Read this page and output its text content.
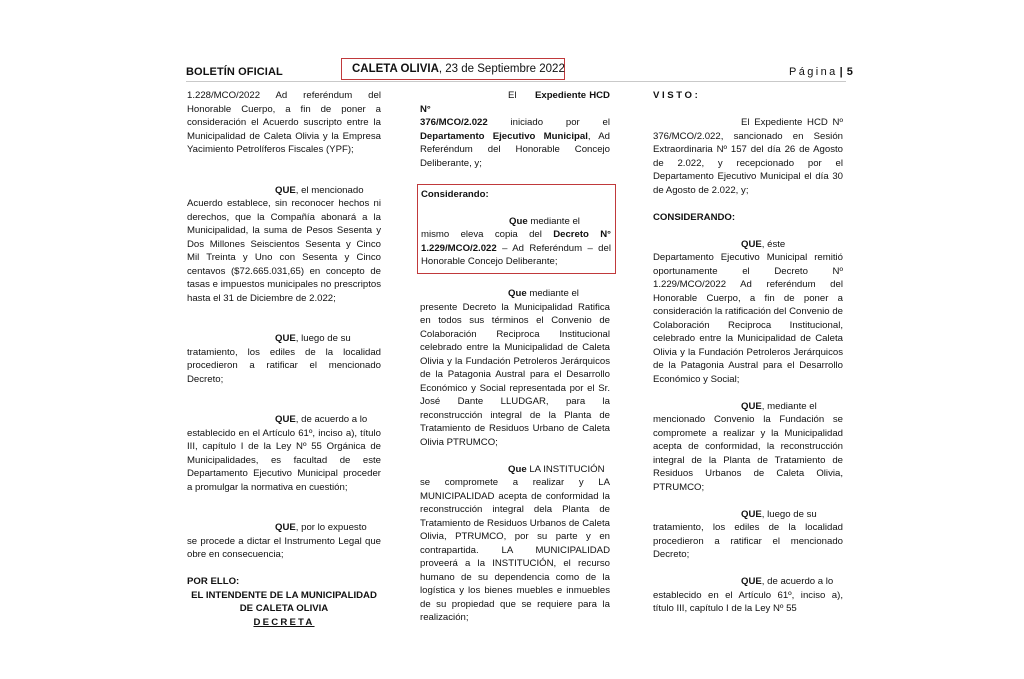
BOLETÍN OFICIAL	CALETA OLIVIA, 23 de Septiembre 2022	Página | 5

1.228/MCO/2022 Ad referéndum del Honorable Cuerpo, a fin de poner a consideración el Acuerdo suscripto entre la Municipalidad de Caleta Olivia y la Empresa Yacimiento Petrolíferos Fiscales (YPF);

QUE, el mencionado
Acuerdo establece, sin reconocer hechos ni derechos, que la Compañía abonará a la Municipalidad, la suma de Pesos Sesenta y Dos Millones Seiscientos Sesenta y Cinco Mil Treinta y Uno con Sesenta y Cinco centavos ($72.665.031,65) en concepto de tasas e impuestos municipales no prescriptos hasta el 31 de Diciembre de 2.022;

QUE, luego de su
tratamiento, los ediles de la localidad procedieron a ratificar el mencionado Decreto;

QUE, de acuerdo a lo
establecido en el Artículo 61º, inciso a), título III, capítulo I de la Ley Nº 55 Orgánica de Municipalidades, es facultad de este Departamento Ejecutivo Municipal proceder a promulgar la normativa en cuestión;

QUE, por lo expuesto
se procede a dictar el Instrumento Legal que obre en consecuencia;

POR ELLO:

EL INTENDENTE DE LA MUNICIPALIDAD DE CALETA OLIVIA

DECRETA

El Expediente HCD N°
376/MCO/2.022 iniciado por el Departamento Ejecutivo Municipal, Ad Referéndum del Honorable Concejo Deliberante, y;

Considerando:

Que mediante el
mismo eleva copia del Decreto N° 1.229/MCO/2.022 – Ad Referéndum – del Honorable Concejo Deliberante;

Que mediante el
presente Decreto la Municipalidad Ratifica en todos sus términos el Convenio de Colaboración Reciproca Institucional celebrado entre la Municipalidad de Caleta Olivia y la Fundación Petroleros Jerárquicos de la Patagonia Austral para el Desarrollo Económico y Social representada por el Sr. José Dante LLUDGAR, para la reconstrucción integral de la Planta de Tratamiento de Residuos Urbano de Caleta Olivia PTRUMCO;

Que LA INSTITUCIÓN
se compromete a realizar y LA MUNICIPALIDAD acepta de conformidad la reconstrucción integral dela Planta de Tratamiento de Residuos Urbanos de Caleta Olivia, PTRUMCO, por su parte y en contrapartida. LA MUNICIPALIDAD proveerá a la INSTITUCIÓN, el recurso humano de su dependencia como de la logística y los bienes muebles e inmuebles de su propiedad que se requiere para la realización;

VISTO:

El Expediente HCD Nº 376/MCO/2.022, sancionado en Sesión Extraordinaria Nº 157 del día 26 de Agosto de 2.022, y recepcionado por el Departamento Ejecutivo Municipal el día 30 de Agosto de 2.022, y;

CONSIDERANDO:

QUE, éste
Departamento Ejecutivo Municipal remitió oportunamente el Decreto Nº 1.229/MCO/2022 Ad referéndum del Honorable Cuerpo, a fin de poner a consideración la ratificación del Convenio de Colaboración Reciproca Institucional, celebrado entre la Municipalidad de Caleta Olivia y la Fundación Petroleros Jerárquicos de la Patagonia Austral para el Desarrollo Económico y Social;

QUE, mediante el
mencionado Convenio la Fundación se compromete a realizar y la Municipalidad acepta de conformidad, la reconstrucción integral de la Planta de Tratamiento de Residuos Urbanos de Caleta Olivia, PTRUMCO;

QUE, luego de su
tratamiento, los ediles de la localidad procedieron a ratificar el mencionado Decreto;

QUE, de acuerdo a lo
establecido en el Artículo 61º, inciso a), título III, capítulo I de la Ley Nº 55
